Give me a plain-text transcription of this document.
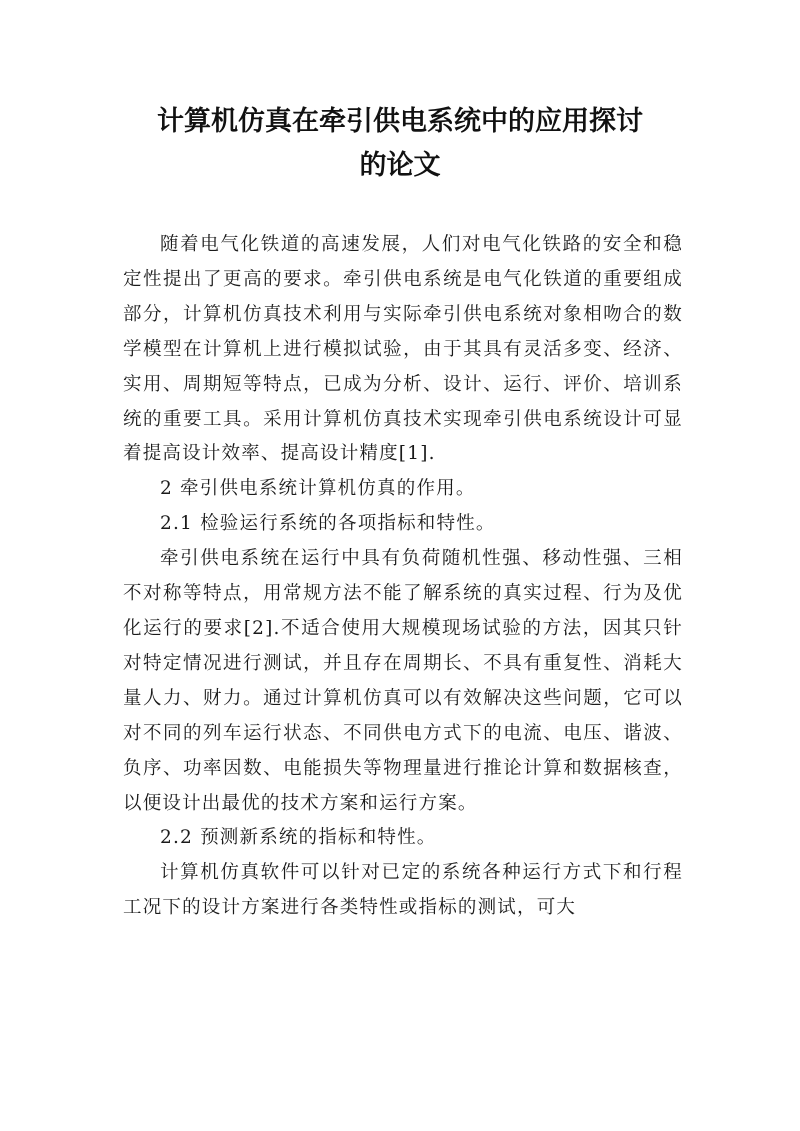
计算机仿真在牵引供电系统中的应用探讨
的论文

随着电气化铁道的高速发展，人们对电气化铁路的安全和稳定性提出了更高的要求。牵引供电系统是电气化铁道的重要组成部分，计算机仿真技术利用与实际牵引供电系统对象相吻合的数学模型在计算机上进行模拟试验，由于其具有灵活多变、经济、实用、周期短等特点，已成为分析、设计、运行、评价、培训系统的重要工具。采用计算机仿真技术实现牵引供电系统设计可显着提高设计效率、提高设计精度[1].

2 牵引供电系统计算机仿真的作用。

2.1 检验运行系统的各项指标和特性。

牵引供电系统在运行中具有负荷随机性强、移动性强、三相不对称等特点，用常规方法不能了解系统的真实过程、行为及优化运行的要求[2].不适合使用大规模现场试验的方法，因其只针对特定情况进行测试，并且存在周期长、不具有重复性、消耗大量人力、财力。通过计算机仿真可以有效解决这些问题，它可以对不同的列车运行状态、不同供电方式下的电流、电压、谐波、负序、功率因数、电能损失等物理量进行推论计算和数据核查，以便设计出最优的技术方案和运行方案。

2.2 预测新系统的指标和特性。

计算机仿真软件可以针对已定的系统各种运行方式下和行程工况下的设计方案进行各类特性或指标的测试，可大
